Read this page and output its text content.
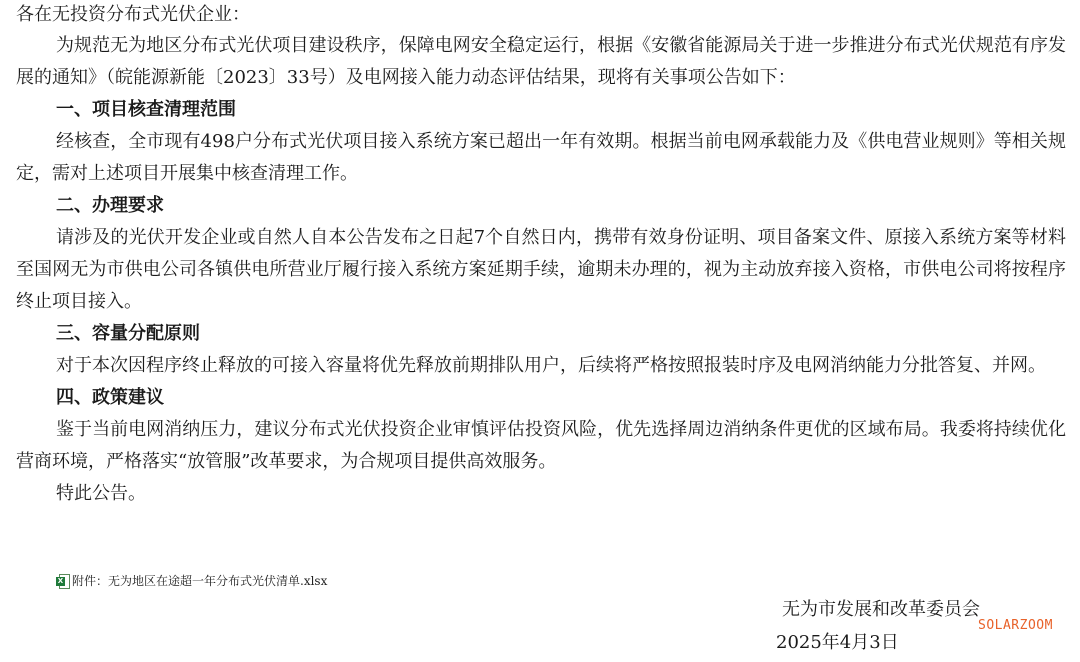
各在无投资分布式光伏企业：

为规范无为地区分布式光伏项目建设秩序，保障电网安全稳定运行，根据《安徽省能源局关于进一步推进分布式光伏规范有序发展的通知》（皖能源新能〔2023〕33号）及电网接入能力动态评估结果，现将有关事项公告如下：

一、项目核查清理范围

经核查，全市现有498户分布式光伏项目接入系统方案已超出一年有效期。根据当前电网承载能力及《供电营业规则》等相关规定，需对上述项目开展集中核查清理工作。

二、办理要求

请涉及的光伏开发企业或自然人自本公告发布之日起7个自然日内，携带有效身份证明、项目备案文件、原接入系统方案等材料至国网无为市供电公司各镇供电所营业厅履行接入系统方案延期手续，逾期未办理的，视为主动放弃接入资格，市供电公司将按程序终止项目接入。

三、容量分配原则

对于本次因程序终止释放的可接入容量将优先释放前期排队用户，后续将严格按照报装时序及电网消纳能力分批答复、并网。

四、政策建议

鉴于当前电网消纳压力，建议分布式光伏投资企业审慎评估投资风险，优先选择周边消纳条件更优的区域布局。我委将持续优化营商环境，严格落实“放管服”改革要求，为合规项目提供高效服务。

特此公告。

X 附件：无为地区在途超一年分布式光伏清单.xlsx
无为市发展和改革委员会
SOLARZOOM
2025年4月3日
